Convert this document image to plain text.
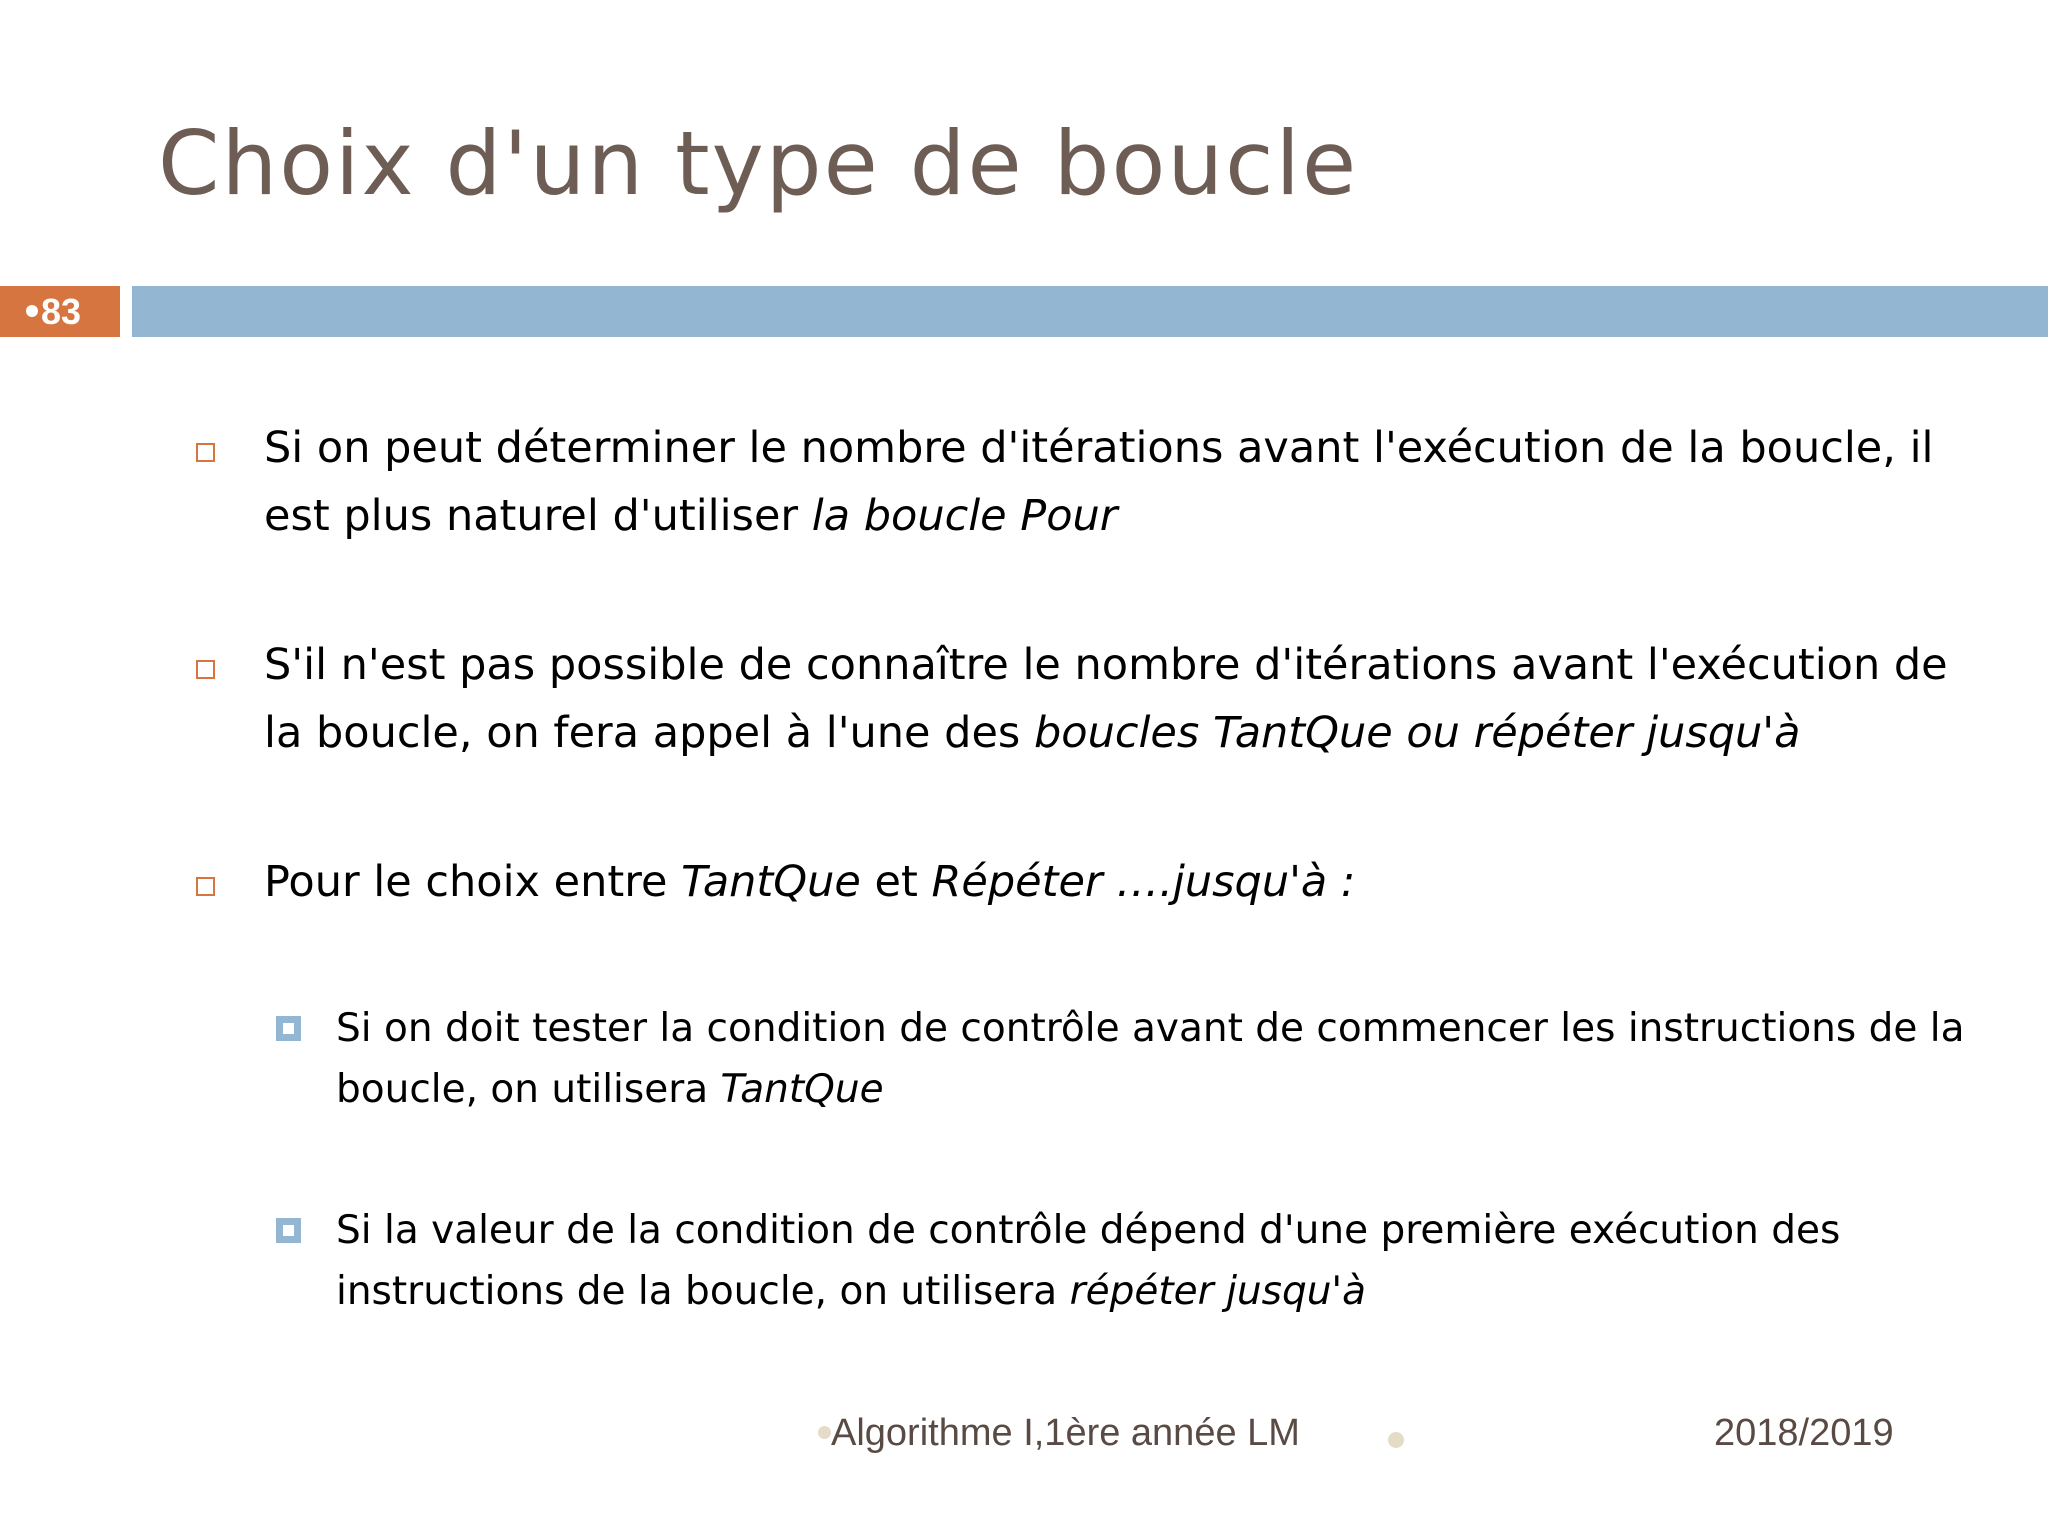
Choix d'un type de boucle
83
Si on peut déterminer le nombre d'itérations avant l'exécution de la boucle, il est plus naturel d'utiliser la boucle Pour
S'il n'est pas possible de connaître le nombre d'itérations avant l'exécution de la boucle, on fera appel à l'une des boucles TantQue ou répéter jusqu'à
Pour le choix entre TantQue et Répéter ….jusqu'à :
Si on doit tester la condition de contrôle avant de commencer les instructions de la boucle, on utilisera TantQue
Si la valeur de la condition de contrôle dépend d'une première exécution des instructions de la boucle, on utilisera répéter jusqu'à
Algorithme I,1ère année LM	2018/2019
